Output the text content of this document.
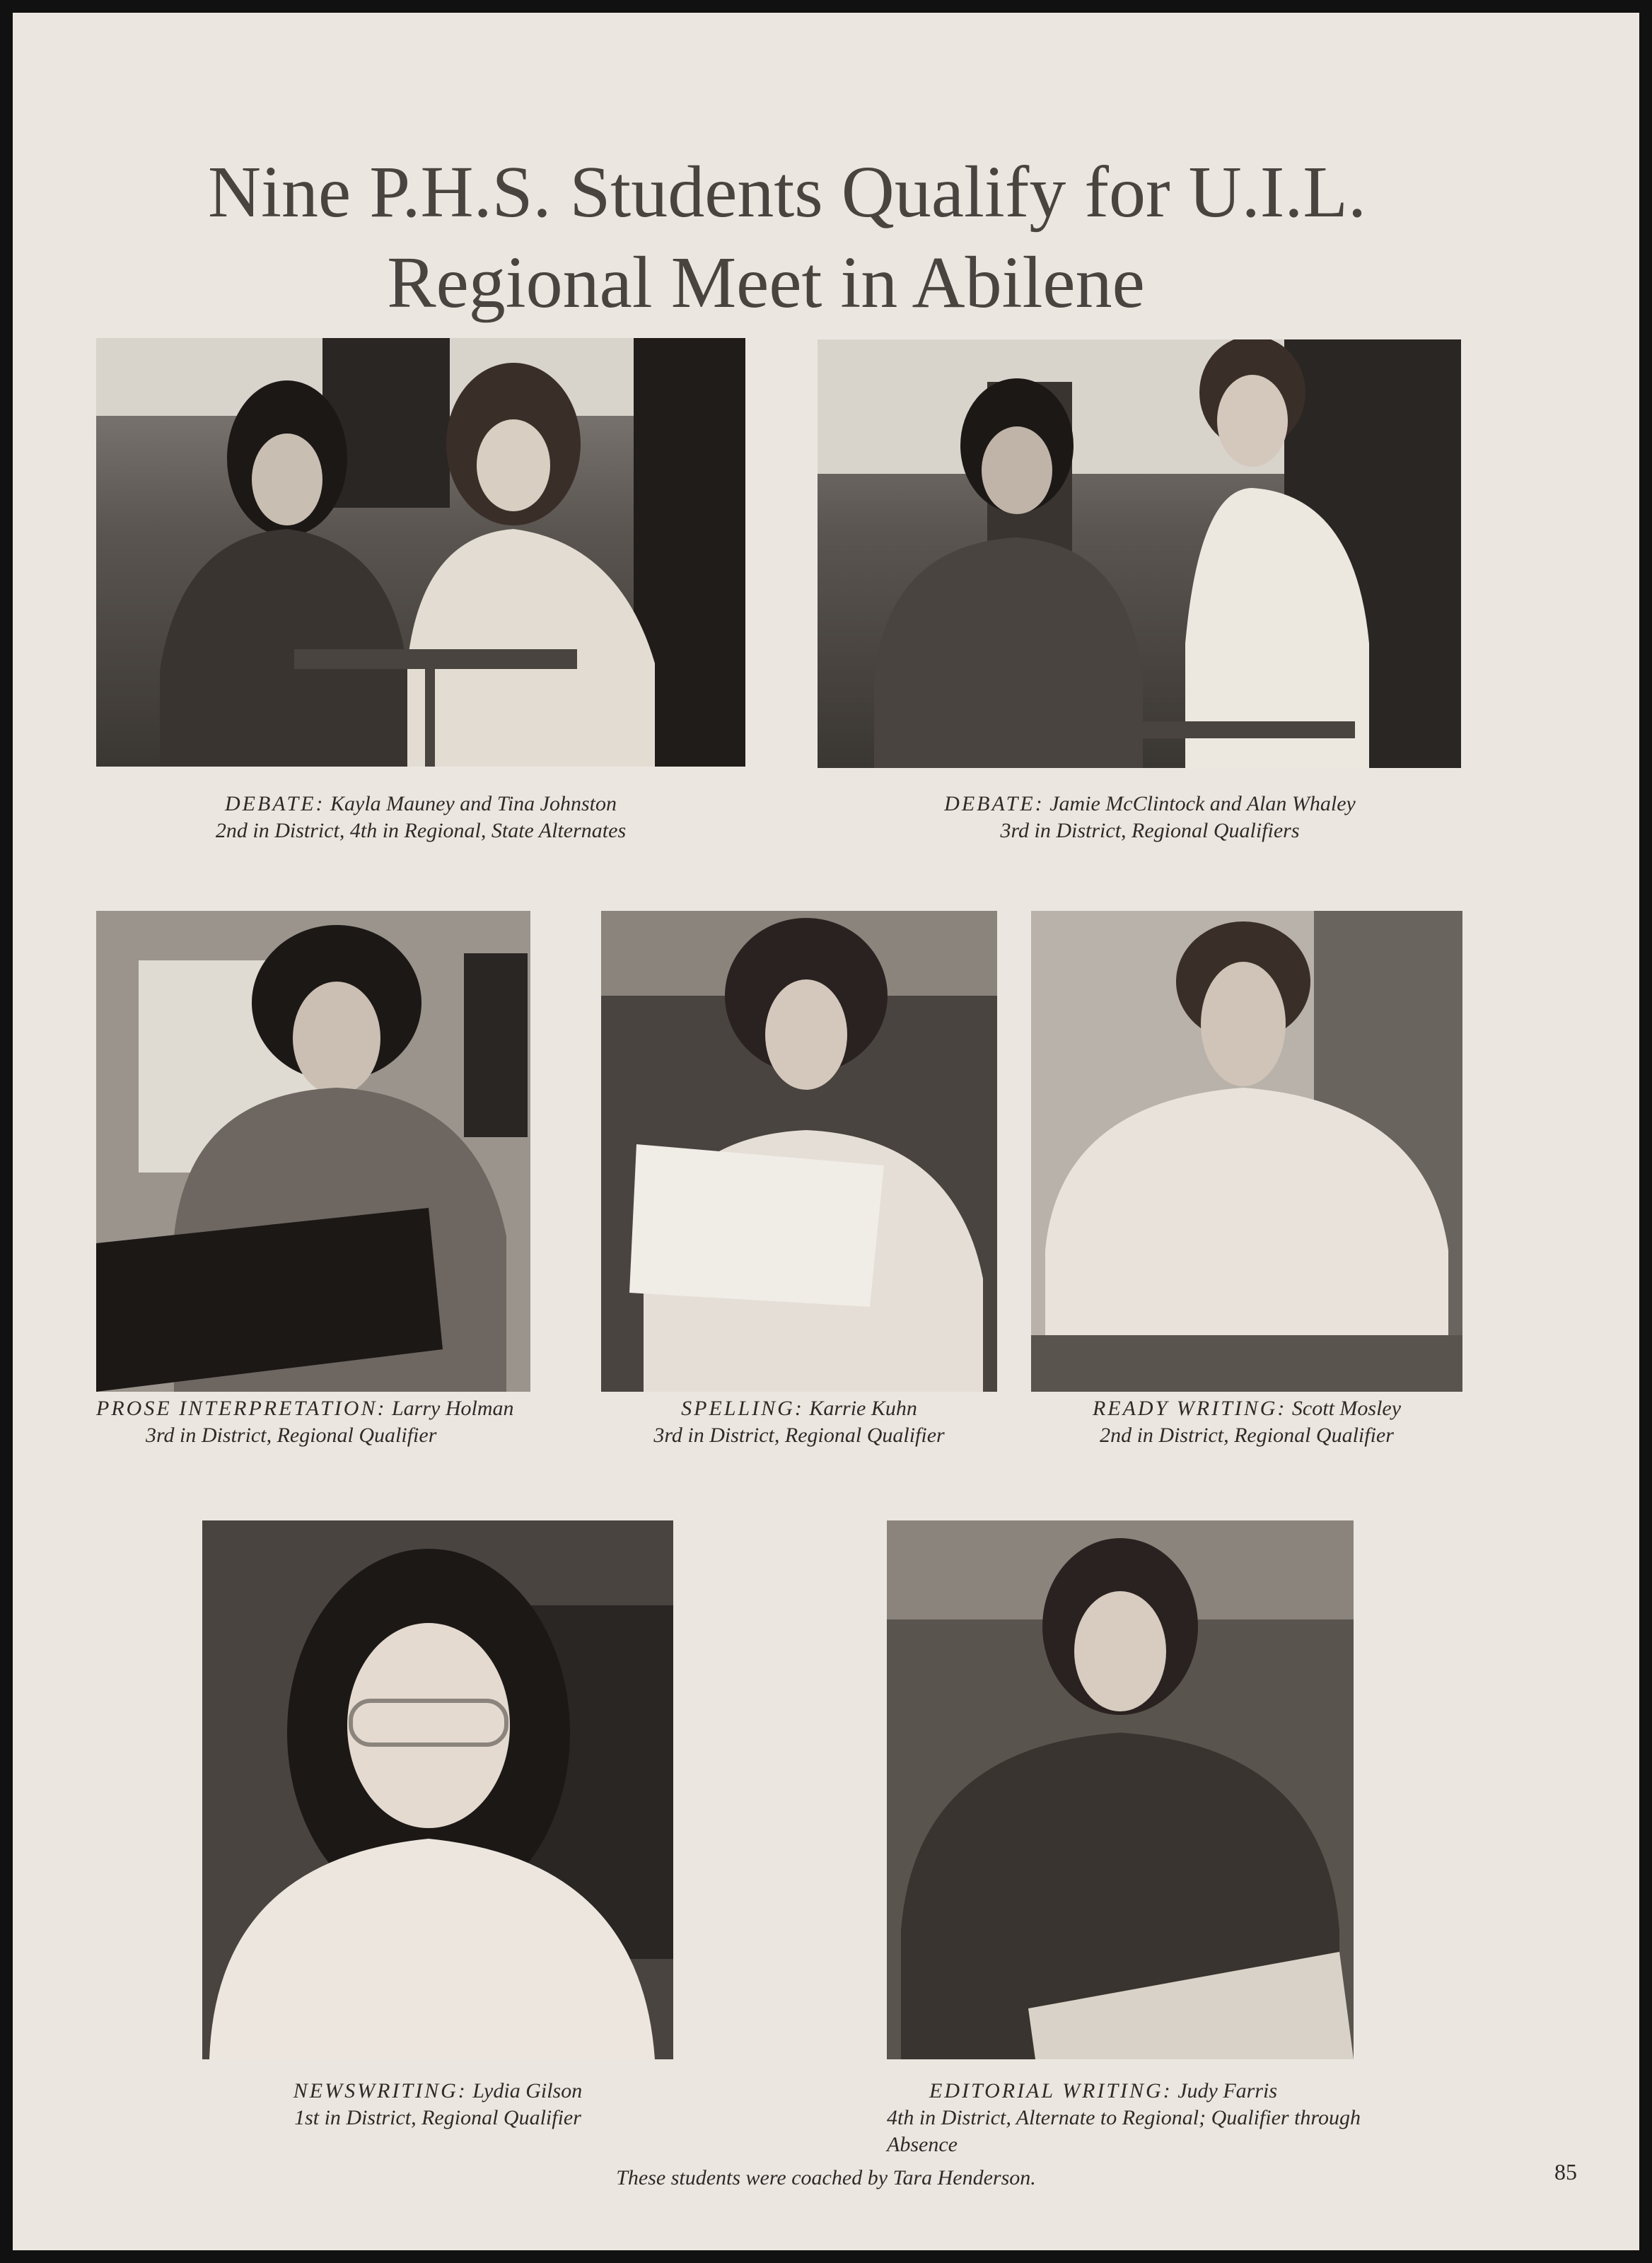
Nine P.H.S. Students Qualify for U.I.L.
Regional Meet in Abilene
DEBATE: Kayla Mauney and Tina Johnston
2nd in District, 4th in Regional, State Alternates
DEBATE: Jamie McClintock and Alan Whaley
3rd in District, Regional Qualifiers
PROSE INTERPRETATION: Larry Holman
3rd in District, Regional Qualifier
SPELLING: Karrie Kuhn
3rd in District, Regional Qualifier
READY WRITING: Scott Mosley
2nd in District, Regional Qualifier
NEWSWRITING: Lydia Gilson
1st in District, Regional Qualifier
EDITORIAL WRITING: Judy Farris
4th in District, Alternate to Regional; Qualifier through Absence
These students were coached by Tara Henderson.	85
